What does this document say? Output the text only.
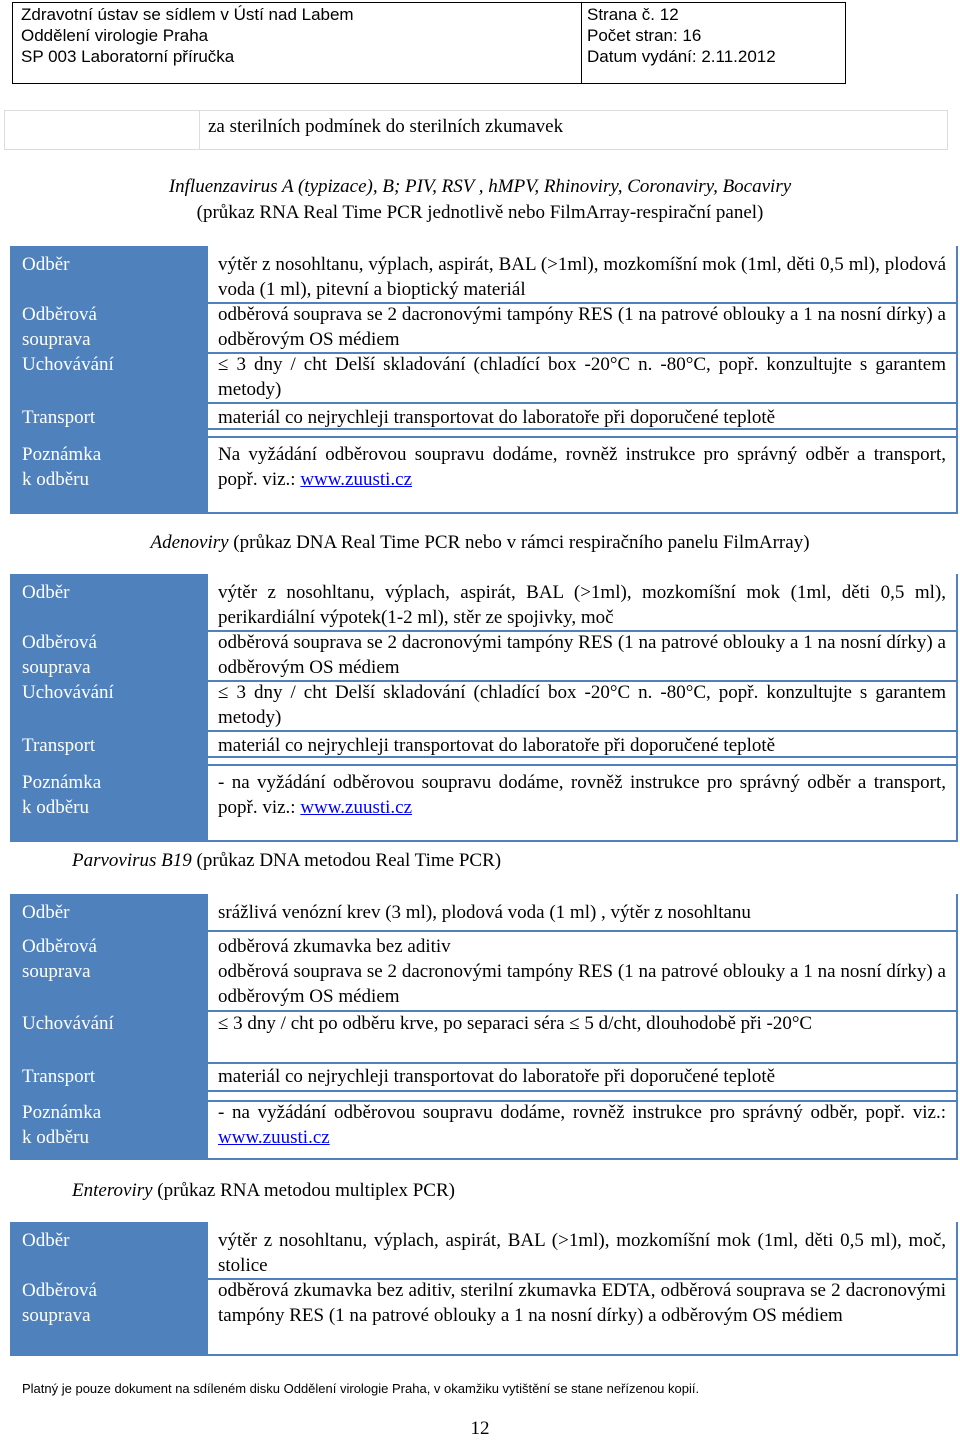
Zdravotní ústav se sídlem v Ústí nad Labem
Oddělení virologie Praha
SP 003 Laboratorní příručka
Strana č. 12
Počet stran: 16
Datum vydání: 2.11.2012
za sterilních podmínek do sterilních zkumavek
Influenzavirus A (typizace), B; PIV, RSV , hMPV, Rhinoviry, Coronaviry, Bocaviry
(průkaz RNA Real Time PCR jednotlivě nebo FilmArray-respirační panel)
Odběr
Odběrová
souprava
Uchovávání
Transport
Poznámka
k odběru
výtěr z nosohltanu, výplach, aspirát, BAL (>1ml), mozkomíšní mok (1ml, děti 0,5 ml), plodová voda (1 ml), pitevní a bioptický materiál
odběrová souprava se 2 dacronovými tampóny RES (1 na patrové oblouky a 1 na nosní dírky) a odběrovým OS médiem
≤ 3 dny / cht Delší skladování (chladící box -20°C n. -80°C, popř. konzultujte s garantem metody)
materiál co nejrychleji transportovat do laboratoře při doporučené teplotě
Na vyžádání odběrovou soupravu dodáme, rovněž instrukce pro správný odběr a transport, popř. viz.: www.zuusti.cz
Adenoviry (průkaz DNA Real Time PCR nebo v rámci respiračního panelu FilmArray)
Odběr
Odběrová
souprava
Uchovávání
Transport
Poznámka
k odběru
výtěr z nosohltanu, výplach, aspirát, BAL (>1ml), mozkomíšní mok (1ml, děti 0,5 ml), perikardiální výpotek(1-2 ml), stěr ze spojivky, moč
odběrová souprava se 2 dacronovými tampóny RES (1 na patrové oblouky a 1 na nosní dírky) a odběrovým OS médiem
≤ 3 dny / cht Delší skladování (chladící box -20°C n. -80°C, popř. konzultujte s garantem metody)
materiál co nejrychleji transportovat do laboratoře při doporučené teplotě
- na vyžádání odběrovou soupravu dodáme, rovněž instrukce pro správný odběr a transport, popř. viz.: www.zuusti.cz
Parvovirus B19 (průkaz DNA metodou Real Time PCR)
Odběr
Odběrová
souprava
Uchovávání
Transport
Poznámka
k odběru
srážlivá venózní krev (3 ml), plodová voda (1 ml) , výtěr z nosohltanu
odběrová zkumavka bez aditiv
odběrová souprava se 2 dacronovými tampóny RES (1 na patrové oblouky a 1 na nosní dírky) a odběrovým OS médiem
≤ 3 dny / cht po odběru krve, po separaci séra ≤ 5 d/cht, dlouhodobě při -20°C
materiál co nejrychleji transportovat do laboratoře při doporučené teplotě
- na vyžádání odběrovou soupravu dodáme, rovněž instrukce pro správný odběr, popř. viz.: www.zuusti.cz
Enteroviry (průkaz RNA metodou multiplex PCR)
Odběr
Odběrová
souprava
výtěr z nosohltanu, výplach, aspirát, BAL (>1ml), mozkomíšní mok (1ml, děti 0,5 ml), moč, stolice
odběrová zkumavka bez aditiv, sterilní zkumavka EDTA, odběrová souprava se 2 dacronovými tampóny RES (1 na patrové oblouky a 1 na nosní dírky) a odběrovým OS médiem
Platný je pouze dokument na sdíleném disku Oddělení virologie Praha, v okamžiku vytištění se stane neřízenou kopií.
12
